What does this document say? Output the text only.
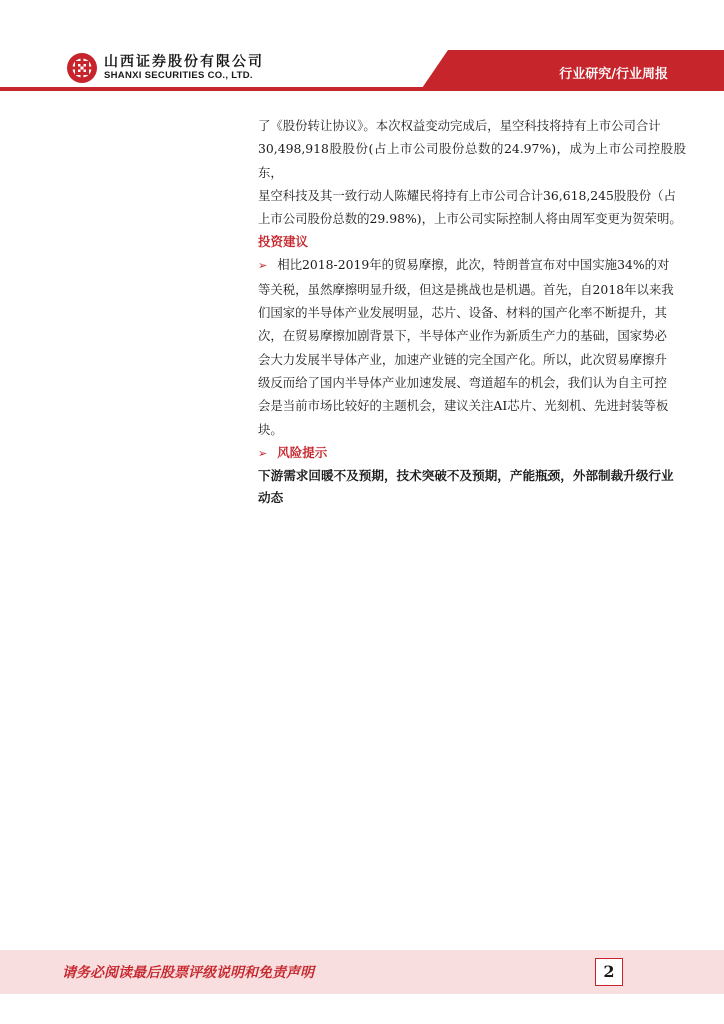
山西证券股份有限公司
SHANXI SECURITIES CO., LTD.	行业研究/行业周报

了《股份转让协议》。本次权益变动完成后，星空科技将持有上市公司合计

30,498,918股股份(占上市公司股份总数的24.97%)，成为上市公司控股股东，

星空科技及其一致行动人陈耀民将持有上市公司合计36,618,245股股份（占

上市公司股份总数的29.98%)，上市公司实际控制人将由周军变更为贺荣明。

投资建议

➢ 相比2018-2019年的贸易摩擦，此次，特朗普宣布对中国实施34%的对

等关税，虽然摩擦明显升级，但这是挑战也是机遇。首先，自2018年以来我

们国家的半导体产业发展明显，芯片、设备、材料的国产化率不断提升，其

次，在贸易摩擦加剧背景下，半导体产业作为新质生产力的基础，国家势必

会大力发展半导体产业，加速产业链的完全国产化。所以，此次贸易摩擦升

级反而给了国内半导体产业加速发展、弯道超车的机会，我们认为自主可控

会是当前市场比较好的主题机会，建议关注AI芯片、光刻机、先进封装等板

块。

➢ 风险提示

下游需求回暖不及预期，技术突破不及预期，产能瓶颈，外部制裁升级行业

动态

请务必阅读最后股票评级说明和免责声明	2
